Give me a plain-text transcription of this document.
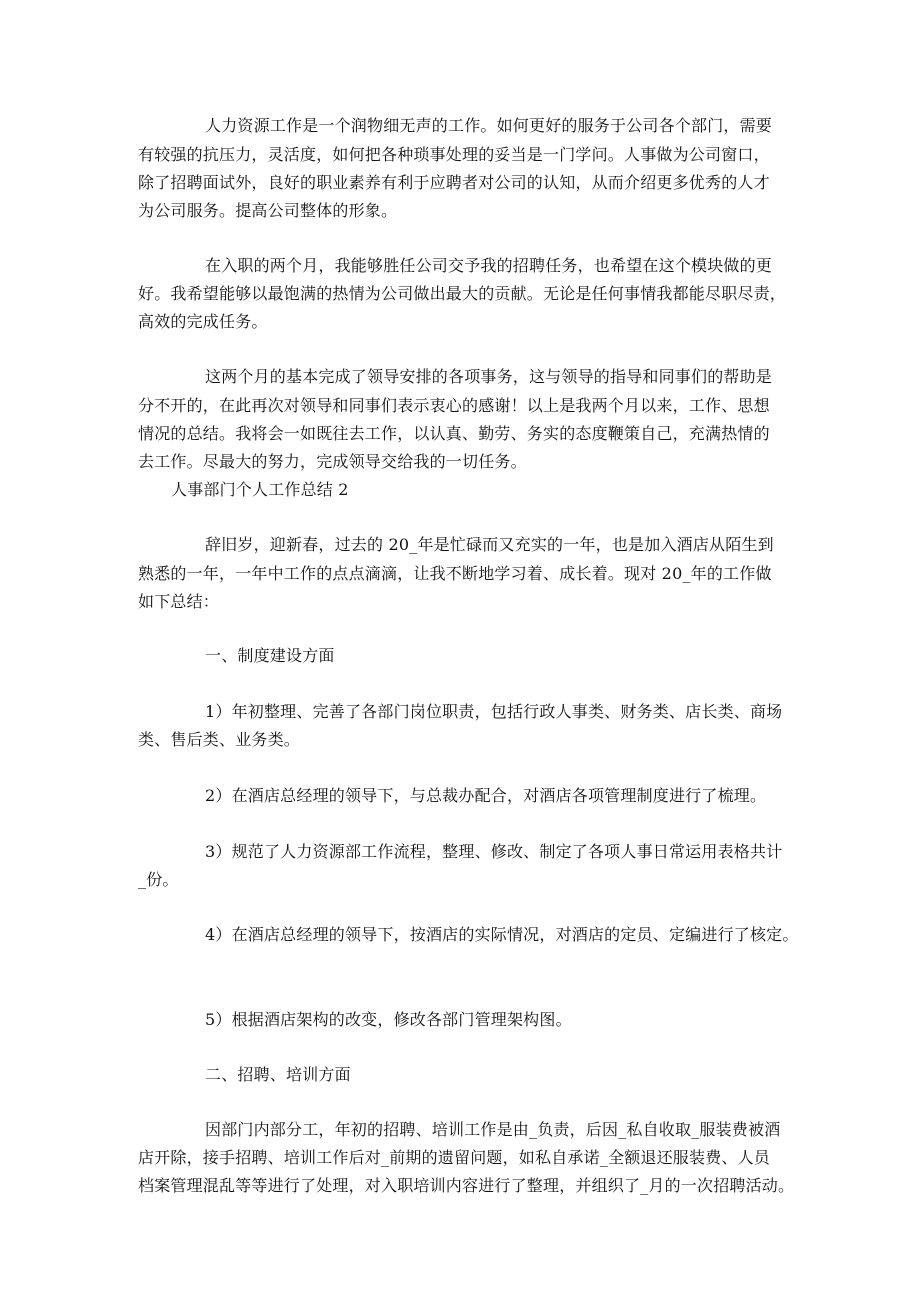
人力资源工作是一个润物细无声的工作。如何更好的服务于公司各个部门，需要
有较强的抗压力，灵活度，如何把各种琐事处理的妥当是一门学问。人事做为公司窗口，
除了招聘面试外，良好的职业素养有利于应聘者对公司的认知，从而介绍更多优秀的人才
为公司服务。提高公司整体的形象。
在入职的两个月，我能够胜任公司交予我的招聘任务，也希望在这个模块做的更
好。我希望能够以最饱满的热情为公司做出最大的贡献。无论是任何事情我都能尽职尽责，
高效的完成任务。
这两个月的基本完成了领导安排的各项事务，这与领导的指导和同事们的帮助是
分不开的，在此再次对领导和同事们表示衷心的感谢！以上是我两个月以来，工作、思想
情况的总结。我将会一如既往去工作，以认真、勤劳、务实的态度鞭策自己，充满热情的
去工作。尽最大的努力，完成领导交给我的一切任务。
人事部门个人工作总结 2
辞旧岁，迎新春，过去的 20_年是忙碌而又充实的一年，也是加入酒店从陌生到
熟悉的一年，一年中工作的点点滴滴，让我不断地学习着、成长着。现对 20_年的工作做
如下总结：
一、制度建设方面
1）年初整理、完善了各部门岗位职责，包括行政人事类、财务类、店长类、商场
类、售后类、业务类。
2）在酒店总经理的领导下，与总裁办配合，对酒店各项管理制度进行了梳理。
3）规范了人力资源部工作流程，整理、修改、制定了各项人事日常运用表格共计
_份。
4）在酒店总经理的领导下，按酒店的实际情况，对酒店的定员、定编进行了核定。
5）根据酒店架构的改变，修改各部门管理架构图。
二、招聘、培训方面
因部门内部分工，年初的招聘、培训工作是由_负责，后因_私自收取_服装费被酒
店开除，接手招聘、培训工作后对_前期的遗留问题，如私自承诺_全额退还服装费、人员
档案管理混乱等等进行了处理，对入职培训内容进行了整理，并组织了_月的一次招聘活动。
